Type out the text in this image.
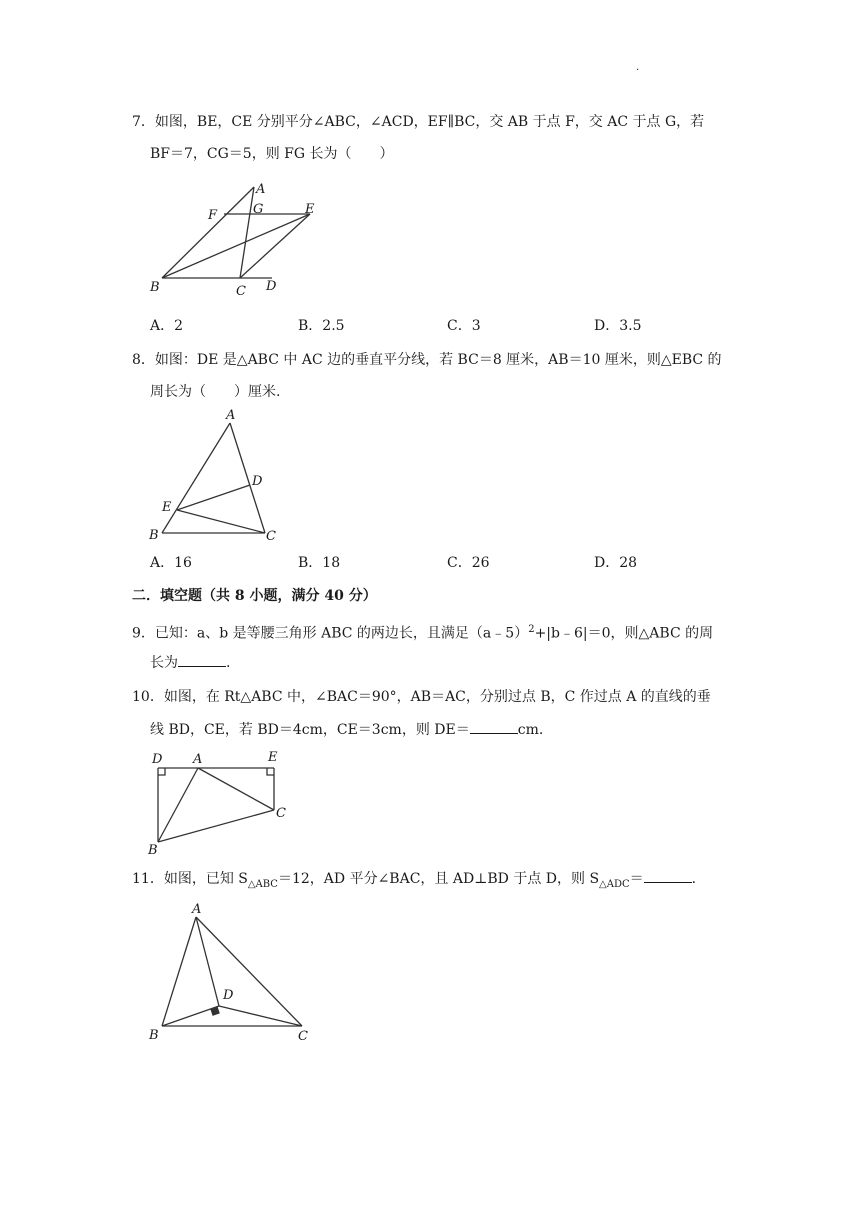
.
7．如图，BE，CE 分别平分∠ABC，∠ACD，EF∥BC，交 AB 于点 F，交 AC 于点 G，若
BF＝7，CG＝5，则 FG 长为（　　）
A
F	G	E
B	C D
A．2	B．2.5	C．3	D．3.5
8．如图：DE 是△ABC 中 AC 边的垂直平分线，若 BC＝8 厘米，AB＝10 厘米，则△EBC 的
周长为（　　）厘米.
A
D
E
B	C
A．16	B．18	C．26	D．28
二．填空题（共 8 小题，满分 40 分）
9．已知：a、b 是等腰三角形 ABC 的两边长，且满足（a﹣5）$^2$+|b﹣6|＝0，则△ABC 的周
长为	.
10．如图，在 Rt△ABC 中，∠BAC＝90°，AB＝AC，分别过点 B，C 作过点 A 的直线的垂
线 BD，CE，若 BD＝4cm，CE＝3cm，则 DE＝	cm.
D A	E
C
B
11．如图，已知 $S_{\triangle ABC}=12$，AD 平分∠BAC，且 AD⊥BD 于点 D，则 $S_{\triangle ADC}=$	.
A
D
B	C
